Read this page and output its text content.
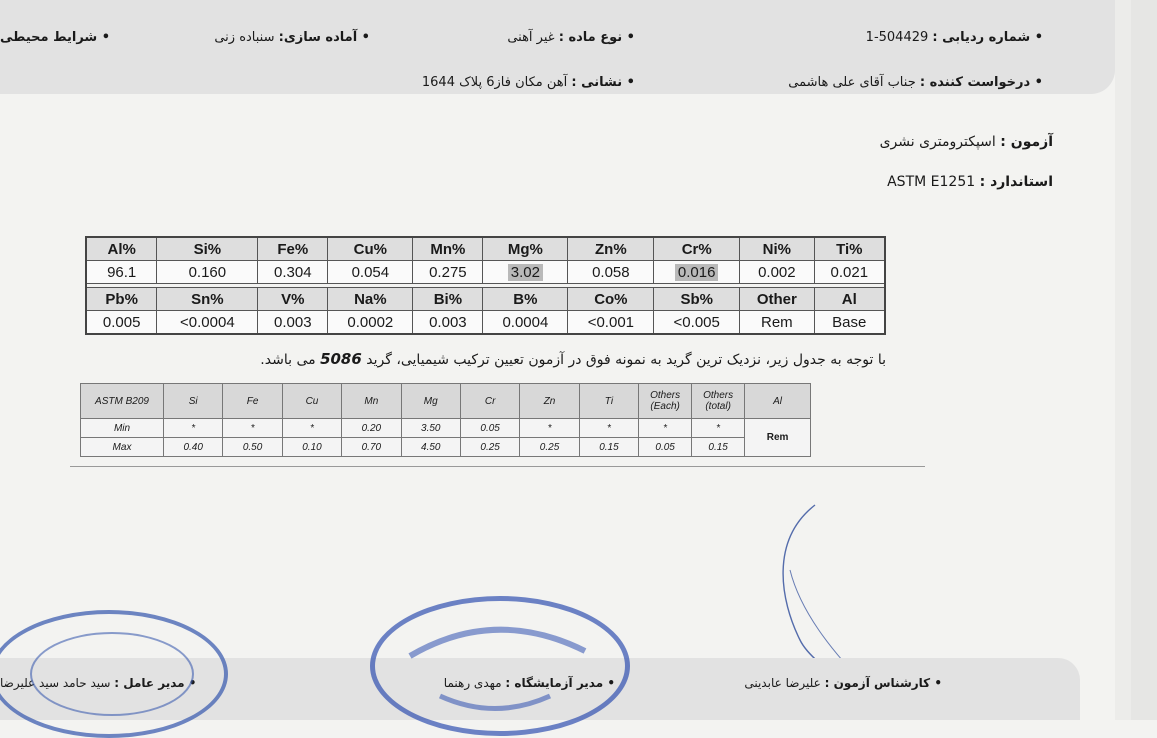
• شماره ردیابی : 504429-1
• نوع ماده : غیر آهنی
• آماده سازی: سنباده زنی
• شرایط محیطی
• درخواست کننده : جناب آقای علی هاشمی
• نشانی : آهن مکان فاز6 پلاک 1644
آزمون : اسپکترومتری نشری
استاندارد : ASTM E1251
Al%	Si%	Fe%	Cu%	Mn%	Mg%	Zn%	Cr%	Ni%	Ti%
96.1	0.160	0.304	0.054	0.275	3.02	0.058	0.016	0.002	0.021

Pb%	Sn%	V%	Na%	Bi%	B%	Co%	Sb%	Other	Al
0.005	<0.0004	0.003	0.0002	0.003	0.0004	<0.001	<0.005	Rem	Base
با توجه به جدول زیر، نزدیک ترین گرید به نمونه فوق در آزمون تعیین ترکیب شیمیایی، گرید 5086 می باشد.
ASTM B209	Si	Fe	Cu	Mn	Mg	Cr	Zn	Ti	Others (Each)	Others (total)	Al
Min	*	*	*	0.20	3.50	0.05	*	*	*	*	Rem
Max	0.40	0.50	0.10	0.70	4.50	0.25	0.25	0.15	0.05	0.15	
• کارشناس آزمون : علیرضا عابدینی
• مدیر آزمایشگاه : مهدی رهنما
• مدیر عامل : سید حامد سید علیرضا
